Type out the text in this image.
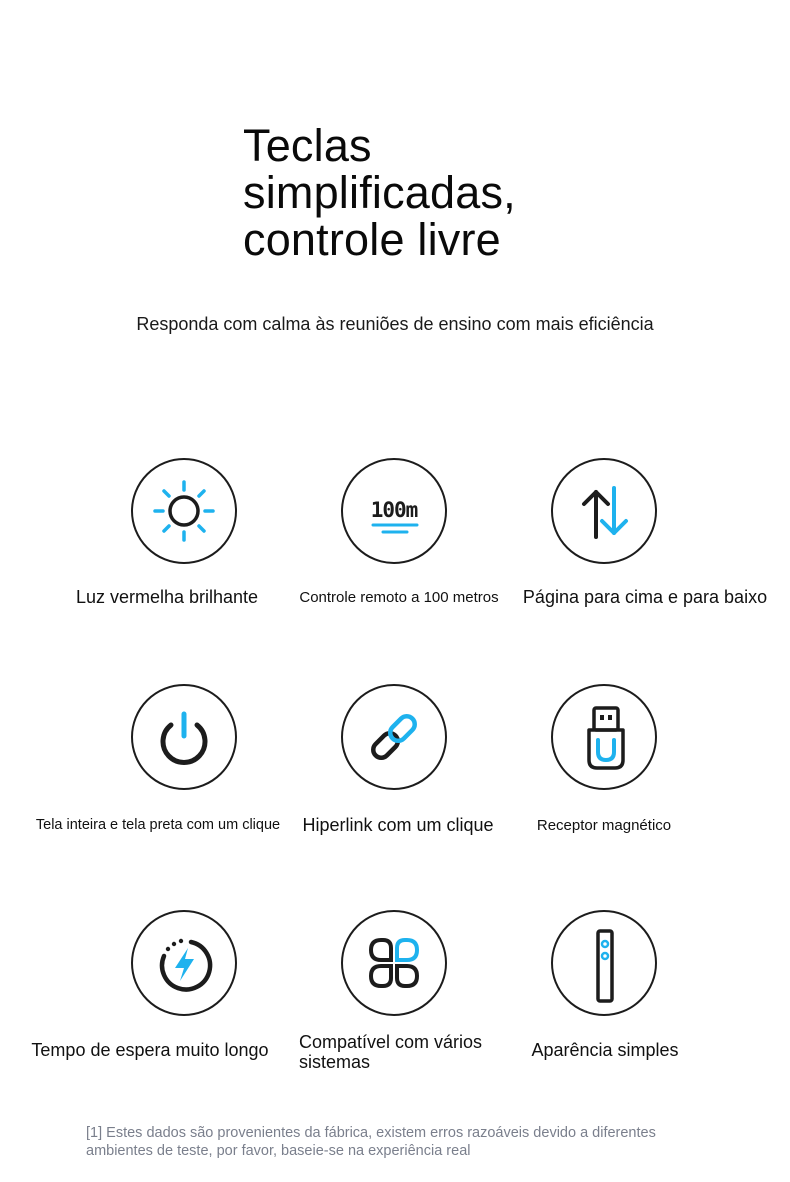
Teclas
simplificadas,
controle livre
Responda com calma às reuniões de ensino com mais eficiência
Luz vermelha brilhante
100m
Controle remoto a 100 metros	Página para cima e para baixo
Tela inteira e tela preta com um clique	Hiperlink com um clique	Receptor magnético
Tempo de espera muito longo	Compatível com vários sistemas
Aparência simples
[1] Estes dados são provenientes da fábrica, existem erros razoáveis devido a diferentes ambientes de teste, por favor, baseie-se na experiência real
